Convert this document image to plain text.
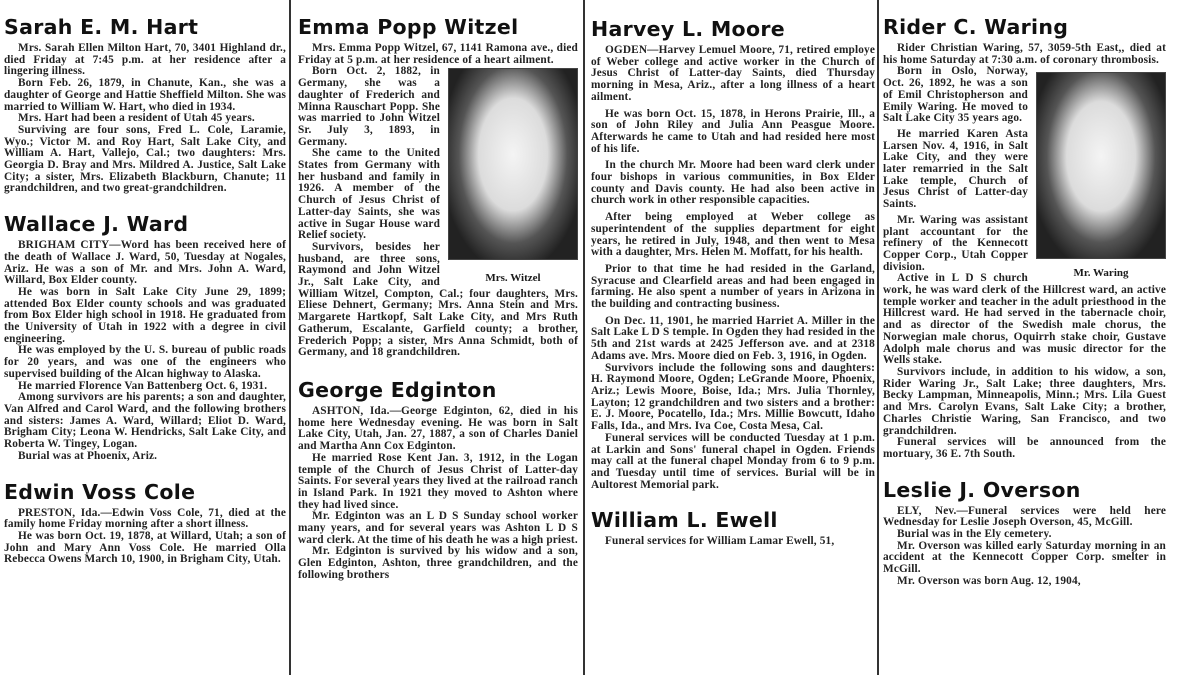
Sarah E. M. Hart

Mrs. Sarah Ellen Milton Hart, 70, 3401 Highland dr., died Friday at 7:45 p.m. at her residence after a lingering illness.

Born Feb. 26, 1879, in Chanute, Kan., she was a daughter of George and Hattie Sheffield Milton. She was married to William W. Hart, who died in 1934.

Mrs. Hart had been a resident of Utah 45 years.

Surviving are four sons, Fred L. Cole, Laramie, Wyo.; Victor M. and Roy Hart, Salt Lake City, and William A. Hart, Vallejo, Cal.; two daughters: Mrs. Georgia D. Bray and Mrs. Mildred A. Justice, Salt Lake City; a sister, Mrs. Elizabeth Blackburn, Chanute; 11 grandchildren, and two great-grandchildren.

Wallace J. Ward

BRIGHAM CITY—Word has been received here of the death of Wallace J. Ward, 50, Tuesday at Nogales, Ariz. He was a son of Mr. and Mrs. John A. Ward, Willard, Box Elder county.

He was born in Salt Lake City June 29, 1899; attended Box Elder county schools and was graduated from Box Elder high school in 1918. He graduated from the University of Utah in 1922 with a degree in civil engineering.

He was employed by the U. S. bureau of public roads for 20 years, and was one of the engineers who supervised building of the Alcan highway to Alaska.

He married Florence Van Battenberg Oct. 6, 1931.

Among survivors are his parents; a son and daughter, Van Alfred and Carol Ward, and the following brothers and sisters: James A. Ward, Willard; Eliot D. Ward, Brigham City; Leona W. Hendricks, Salt Lake City, and Roberta W. Tingey, Logan.

Burial was at Phoenix, Ariz.

Edwin Voss Cole

PRESTON, Ida.—Edwin Voss Cole, 71, died at the family home Friday morning after a short illness.

He was born Oct. 19, 1878, at Willard, Utah; a son of John and Mary Ann Voss Cole. He married Olla Rebecca Owens March 10, 1900, in Brigham City, Utah.

Emma Popp Witzel

Mrs. Emma Popp Witzel, 67, 1141 Ramona ave., died Friday at 5 p.m. at her residence of a heart ailment.

Mrs. Witzel

Born Oct. 2, 1882, in Germany, she was a daughter of Frederich and Minna Rauschart Popp. She was married to John Witzel Sr. July 3, 1893, in Germany.

She came to the United States from Germany with her husband and family in 1926. A member of the Church of Jesus Christ of Latter-day Saints, she was active in Sugar House ward Relief society.

Survivors, besides her husband, are three sons, Raymond and John Witzel Jr., Salt Lake City, and William Witzel, Compton, Cal.; four daughters, Mrs. Eliese Dehnert, Germany; Mrs. Anna Stein and Mrs. Margarete Hartkopf, Salt Lake City, and Mrs Ruth Gatherum, Escalante, Garfield county; a brother, Frederich Popp; a sister, Mrs Anna Schmidt, both of Germany, and 18 grandchildren.

George Edginton

ASHTON, Ida.—George Edginton, 62, died in his home here Wednesday evening. He was born in Salt Lake City, Utah, Jan. 27, 1887, a son of Charles Daniel and Martha Ann Cox Edginton.

He married Rose Kent Jan. 3, 1912, in the Logan temple of the Church of Jesus Christ of Latter-day Saints. For several years they lived at the railroad ranch in Island Park. In 1921 they moved to Ashton where they had lived since.

Mr. Edginton was an L D S Sunday school worker many years, and for several years was Ashton L D S ward clerk. At the time of his death he was a high priest.

Mr. Edginton is survived by his widow and a son, Glen Edginton, Ashton, three grandchildren, and the following brothers

Harvey L. Moore

OGDEN—Harvey Lemuel Moore, 71, retired employe of Weber college and active worker in the Church of Jesus Christ of Latter-day Saints, died Thursday morning in Mesa, Ariz., after a long illness of a heart ailment.

He was born Oct. 15, 1878, in Herons Prairie, Ill., a son of John Riley and Julia Ann Peasgue Moore. Afterwards he came to Utah and had resided here most of his life.

In the church Mr. Moore had been ward clerk under four bishops in various communities, in Box Elder county and Davis county. He had also been active in church work in other responsible capacities.

After being employed at Weber college as superintendent of the supplies department for eight years, he retired in July, 1948, and then went to Mesa with a daughter, Mrs. Helen M. Moffatt, for his health.

Prior to that time he had resided in the Garland, Syracuse and Clearfield areas and had been engaged in farming. He also spent a number of years in Arizona in the building and contracting business.

On Dec. 11, 1901, he married Harriet A. Miller in the Salt Lake L D S temple. In Ogden they had resided in the 5th and 21st wards at 2425 Jefferson ave. and at 2318 Adams ave. Mrs. Moore died on Feb. 3, 1916, in Ogden.

Survivors include the following sons and daughters: H. Raymond Moore, Ogden; LeGrande Moore, Phoenix, Ariz.; Lewis Moore, Boise, Ida.; Mrs. Julia Thornley, Layton; 12 grandchildren and two sisters and a brother: E. J. Moore, Pocatello, Ida.; Mrs. Millie Bowcutt, Idaho Falls, Ida., and Mrs. Iva Coe, Costa Mesa, Cal.

Funeral services will be conducted Tuesday at 1 p.m. at Larkin and Sons' funeral chapel in Ogden. Friends may call at the funeral chapel Monday from 6 to 9 p.m. and Tuesday until time of services. Burial will be in Aultorest Memorial park.

William L. Ewell

Funeral services for William Lamar Ewell, 51,

Rider C. Waring

Rider Christian Waring, 57, 3059-5th East,, died at his home Saturday at 7:30 a.m. of coronary thrombosis.

Mr. Waring

Born in Oslo, Norway, Oct. 26, 1892, he was a son of Emil Christopherson and Emily Waring. He moved to Salt Lake City 35 years ago.

He married Karen Asta Larsen Nov. 4, 1916, in Salt Lake City, and they were later remarried in the Salt Lake temple, Church of Jesus Christ of Latter-day Saints.

Mr. Waring was assistant plant accountant for the refinery of the Kennecott Copper Corp., Utah Copper division.

Active in L D S church work, he was ward clerk of the Hillcrest ward, an active temple worker and teacher in the adult priesthood in the Hillcrest ward. He had served in the tabernacle choir, and as director of the Swedish male chorus, the Norwegian male chorus, Oquirrh stake choir, Gustave Adolph male chorus and was music director for the Wells stake.

Survivors include, in addition to his widow, a son, Rider Waring Jr., Salt Lake; three daughters, Mrs. Becky Lampman, Minneapolis, Minn.; Mrs. Lila Guest and Mrs. Carolyn Evans, Salt Lake City; a brother, Charles Christie Waring, San Francisco, and two grandchildren.

Funeral services will be announced from the mortuary, 36 E. 7th South.

Leslie J. Overson

ELY, Nev.—Funeral services were held here Wednesday for Leslie Joseph Overson, 45, McGill.

Burial was in the Ely cemetery.

Mr. Overson was killed early Saturday morning in an accident at the Kennecott Copper Corp. smelter in McGill.

Mr. Overson was born Aug. 12, 1904,
